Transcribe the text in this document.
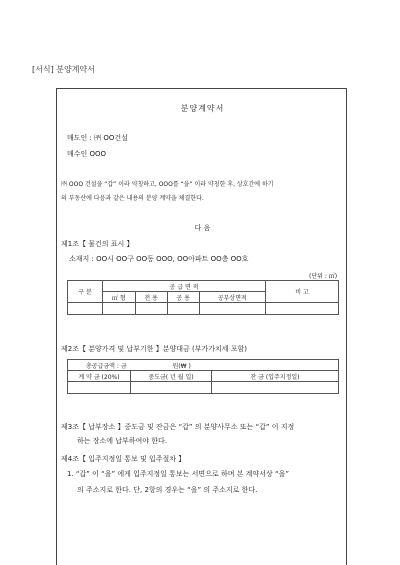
[서식] 분양계약서
분양계약서
매도인 : ㈜ OO건설
매수인 OOO
㈜ OOO 건설을 “갑” 이라 약칭하고, OOO를 “을” 이라 약칭한 후, 상호간에 하기
의 부동산에 다음과 같은 내용의 분양 계약을 체결한다.
다 음
제1조【 물건의 표시 】
소재지 : OO시 OO구 OO동 OOO, OO아파트 OO층 OO호
(단위 : ㎡)
구 분	공 급 면 적				비 고
	㎡ 형	전 용	공 용	공부상면적	

제2조【 분양가격 및 납부기한 】분양대금 (부가가치세 포함)
총공급금액 : 금 원(₩ )		
계 약 금 (20%)	중도금( 년 월 일)	잔 금 (입주지정일)

제3조【 납부장소 】중도금 및 잔금은 “갑” 의 분양사무소 또는 “갑” 이 지정
하는 장소에 납부하여야 한다.
제4조【 입주지정일 통보 및 입주절차 】
1. “갑” 이 “을” 에게 입주지정일 통보는 서면으로 하며 본 계약서상 “을”
의 주소지로 한다. 단, 2항의 경우는 “을” 의 주소지로 한다.
